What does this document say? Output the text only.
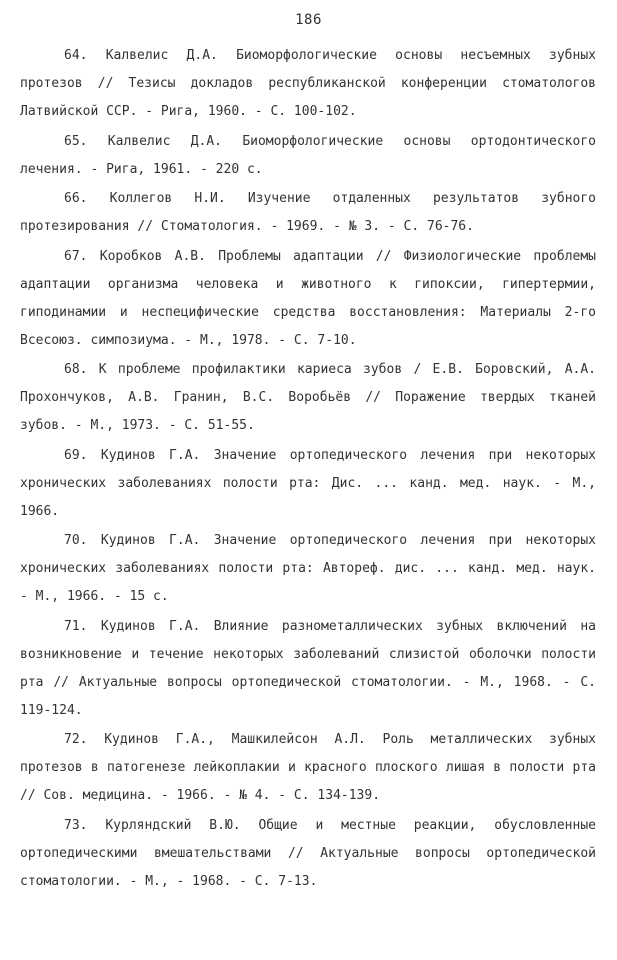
186

64. Калвелис Д.А. Биоморфологические основы несъемных зубных протезов // Тезисы докладов республиканской конференции стоматологов Латвийской ССР. - Рига, 1960. - С. 100-102.

65. Калвелис Д.А. Биоморфологические основы ортодонтического лечения. - Рига, 1961. - 220 с.

66. Коллегов Н.И. Изучение отдаленных результатов зубного протезирования // Стоматология. - 1969. - № 3. - С. 76-76.

67. Коробков А.В. Проблемы адаптации // Физиологические проблемы адаптации организма человека и животного к гипоксии, гипертермии, гиподинамии и неспецифические средства восстановления: Материалы 2-го Всесоюз. симпозиума. - М., 1978. - С. 7-10.

68. К проблеме профилактики кариеса зубов / Е.В. Боровский, А.А. Прохончуков, А.В. Гранин, В.С. Воробьёв // Поражение твердых тканей зубов. - М., 1973. - С. 51-55.

69. Кудинов Г.А. Значение ортопедического лечения при некоторых хронических заболеваниях полости рта: Дис. ... канд. мед. наук. - М., 1966.

70. Кудинов Г.А. Значение ортопедического лечения при некоторых хронических заболеваниях полости рта: Автореф. дис. ... канд. мед. наук. - М., 1966. - 15 с.

71. Кудинов Г.А. Влияние разнометаллических зубных включений на возникновение и течение некоторых заболеваний слизистой оболочки полости рта // Актуальные вопросы ортопедической стоматологии. - М., 1968. - С. 119-124.

72. Кудинов Г.А., Машкилейсон А.Л. Роль металлических зубных протезов в патогенезе лейкоплакии и красного плоского лишая в полости рта // Сов. медицина. - 1966. - № 4. - С. 134-139.

73. Курляндский В.Ю. Общие и местные реакции, обусловленные ортопедическими вмешательствами // Актуальные вопросы ортопедической стоматологии. - М., - 1968. - С. 7-13.
